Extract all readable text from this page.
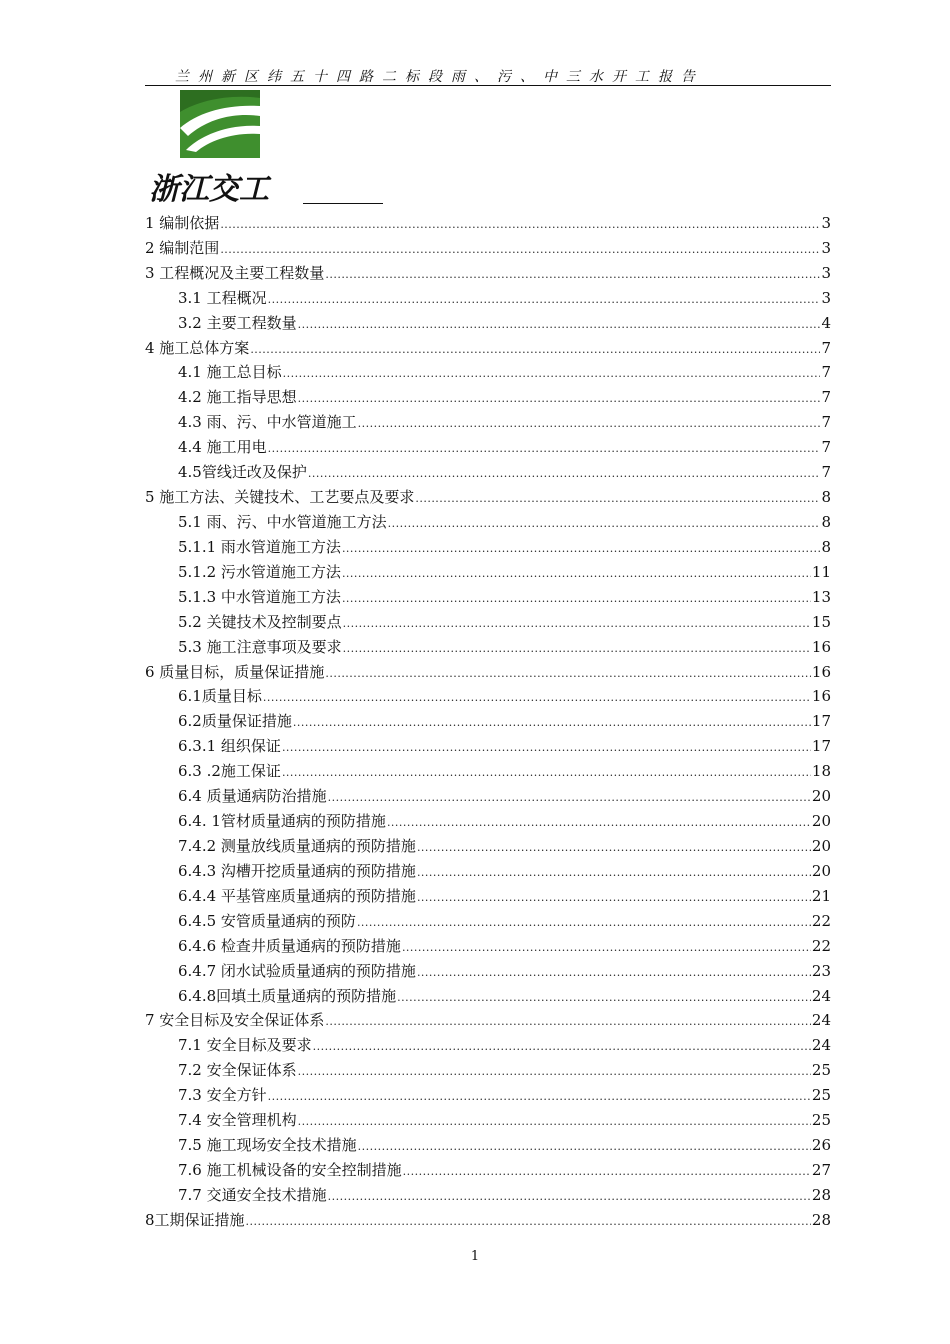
兰州新区纬五十四路二标段雨、污、中三水开工报告
浙江交工
1 编制依据 .....	3
2 编制范围 .....	3
3 工程概况及主要工程数量 .....	3
3.1 工程概况 .....	3
3.2 主要工程数量 .....	4
4 施工总体方案 .....	7
4.1 施工总目标 .....	7
4.2 施工指导思想 .....	7
4.3 雨、污、中水管道施工 .....	7
4.4 施工用电 .....	7
4.5管线迁改及保护 .....	7
5 施工方法、关键技术、工艺要点及要求 .....	8
5.1 雨、污、中水管道施工方法 .....	8
5.1.1 雨水管道施工方法 .....	8
5.1.2 污水管道施工方法 .....	11
5.1.3 中水管道施工方法 .....	13
5.2 关键技术及控制要点 .....	15
5.3 施工注意事项及要求 .....	16
6 质量目标，质量保证措施 .....	16
6.1质量目标 .....	16
6.2质量保证措施 .....	17
6.3.1 组织保证 .....	17
6.3 .2施工保证 .....	18
6.4 质量通病防治措施 .....	20
6.4. 1管材质量通病的预防措施 .....	20
7.4.2 测量放线质量通病的预防措施 .....	20
6.4.3 沟槽开挖质量通病的预防措施 .....	20
6.4.4 平基管座质量通病的预防措施 .....	21
6.4.5 安管质量通病的预防 .....	22
6.4.6 检查井质量通病的预防措施 .....	22
6.4.7 闭水试验质量通病的预防措施 .....	23
6.4.8回填土质量通病的预防措施 .....	24
7 安全目标及安全保证体系 .....	24
7.1 安全目标及要求 .....	24
7.2 安全保证体系 .....	25
7.3 安全方针 .....	25
7.4 安全管理机构 .....	25
7.5 施工现场安全技术措施 .....	26
7.6 施工机械设备的安全控制措施 .....	27
7.7 交通安全技术措施 .....	28
8工期保证措施 .....	28
1
